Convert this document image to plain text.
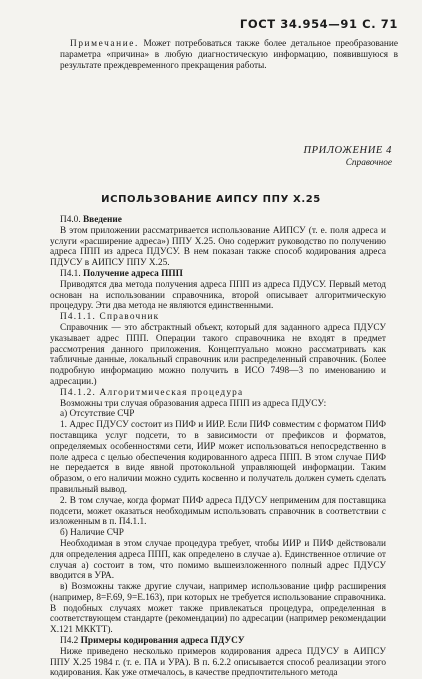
ГОСТ 34.954—91 С. 71
Примечание. Может потребоваться также более детальное преобразование параметра «причина» в любую диагностическую информацию, появившуюся в результате преждевременного прекращения работы.
ПРИЛОЖЕНИЕ 4
Справочное
ИСПОЛЬЗОВАНИЕ АИПСУ ППУ Х.25

П4.0. Введение

В этом приложении рассматривается использование АИПСУ (т. е. поля адреса и услуги «расширение адреса») ППУ Х.25. Оно содержит руководство по получению адреса ППП из адреса ПДУСУ. В нем показан также способ кодирования адреса ПДУСУ в АИПСУ ППУ Х.25.

П4.1. Получение адреса ППП

Приводятся два метода получения адреса ППП из адреса ПДУСУ. Первый метод основан на использовании справочника, второй описывает алгоритмическую процедуру. Эти два метода не являются единственными.

П4.1.1. Справочник

Справочник — это абстрактный объект, который для заданного адреса ПДУСУ указывает адрес ППП. Операции такого справочника не входят в предмет рассмотрения данного приложения. Концептуально можно рассматривать как табличные данные, локальный справочник или распределенный справочник. (Более подробную информацию можно получить в ИСО 7498—3 по именованию и адресации.)

П4.1.2. Алгоритмическая процедура

Возможны три случая образования адреса ППП из адреса ПДУСУ:

а) Отсутствие СЧР

1. Адрес ПДУСУ состоит из ПИФ и ИИР. Если ПИФ совместим с форматом ПИФ поставщика услуг подсети, то в зависимости от префиксов и форматов, определяемых особенностями сети, ИИР может использоваться непосредственно в поле адреса с целью обеспечения кодированного адреса ППП. В этом случае ПИФ не передается в виде явной протокольной управляющей информации. Таким образом, о его наличии можно судить косвенно и получатель должен суметь сделать правильный вывод.

2. В том случае, когда формат ПИФ адреса ПДУСУ неприменим для поставщика подсети, может оказаться необходимым использовать справочник в соответствии с изложенным в п. П4.1.1.

б) Наличие СЧР

Необходимая в этом случае процедура требует, чтобы ИИР и ПИФ действовали для определения адреса ППП, как определено в случае а). Единственное отличие от случая а) состоит в том, что помимо вышеизложенного полный адрес ПДУСУ вводится в УРА.

в) Возможны также другие случаи, например использование цифр расширения (например, 8=F.69, 9=E.163), при которых не требуется использование справочника. В подобных случаях может также привлекаться процедура, определенная в соответствующем стандарте (рекомендации) по адресации (например рекомендации Х.121 МККТТ).

П4.2 Примеры кодирования адреса ПДУСУ

Ниже приведено несколько примеров кодирования адреса ПДУСУ в АИПСУ ППУ Х.25 1984 г. (т. е. ПА и УРА). В п. 6.2.2 описывается способ реализации этого кодирования. Как уже отмечалось, в качестве предпочтительного метода
